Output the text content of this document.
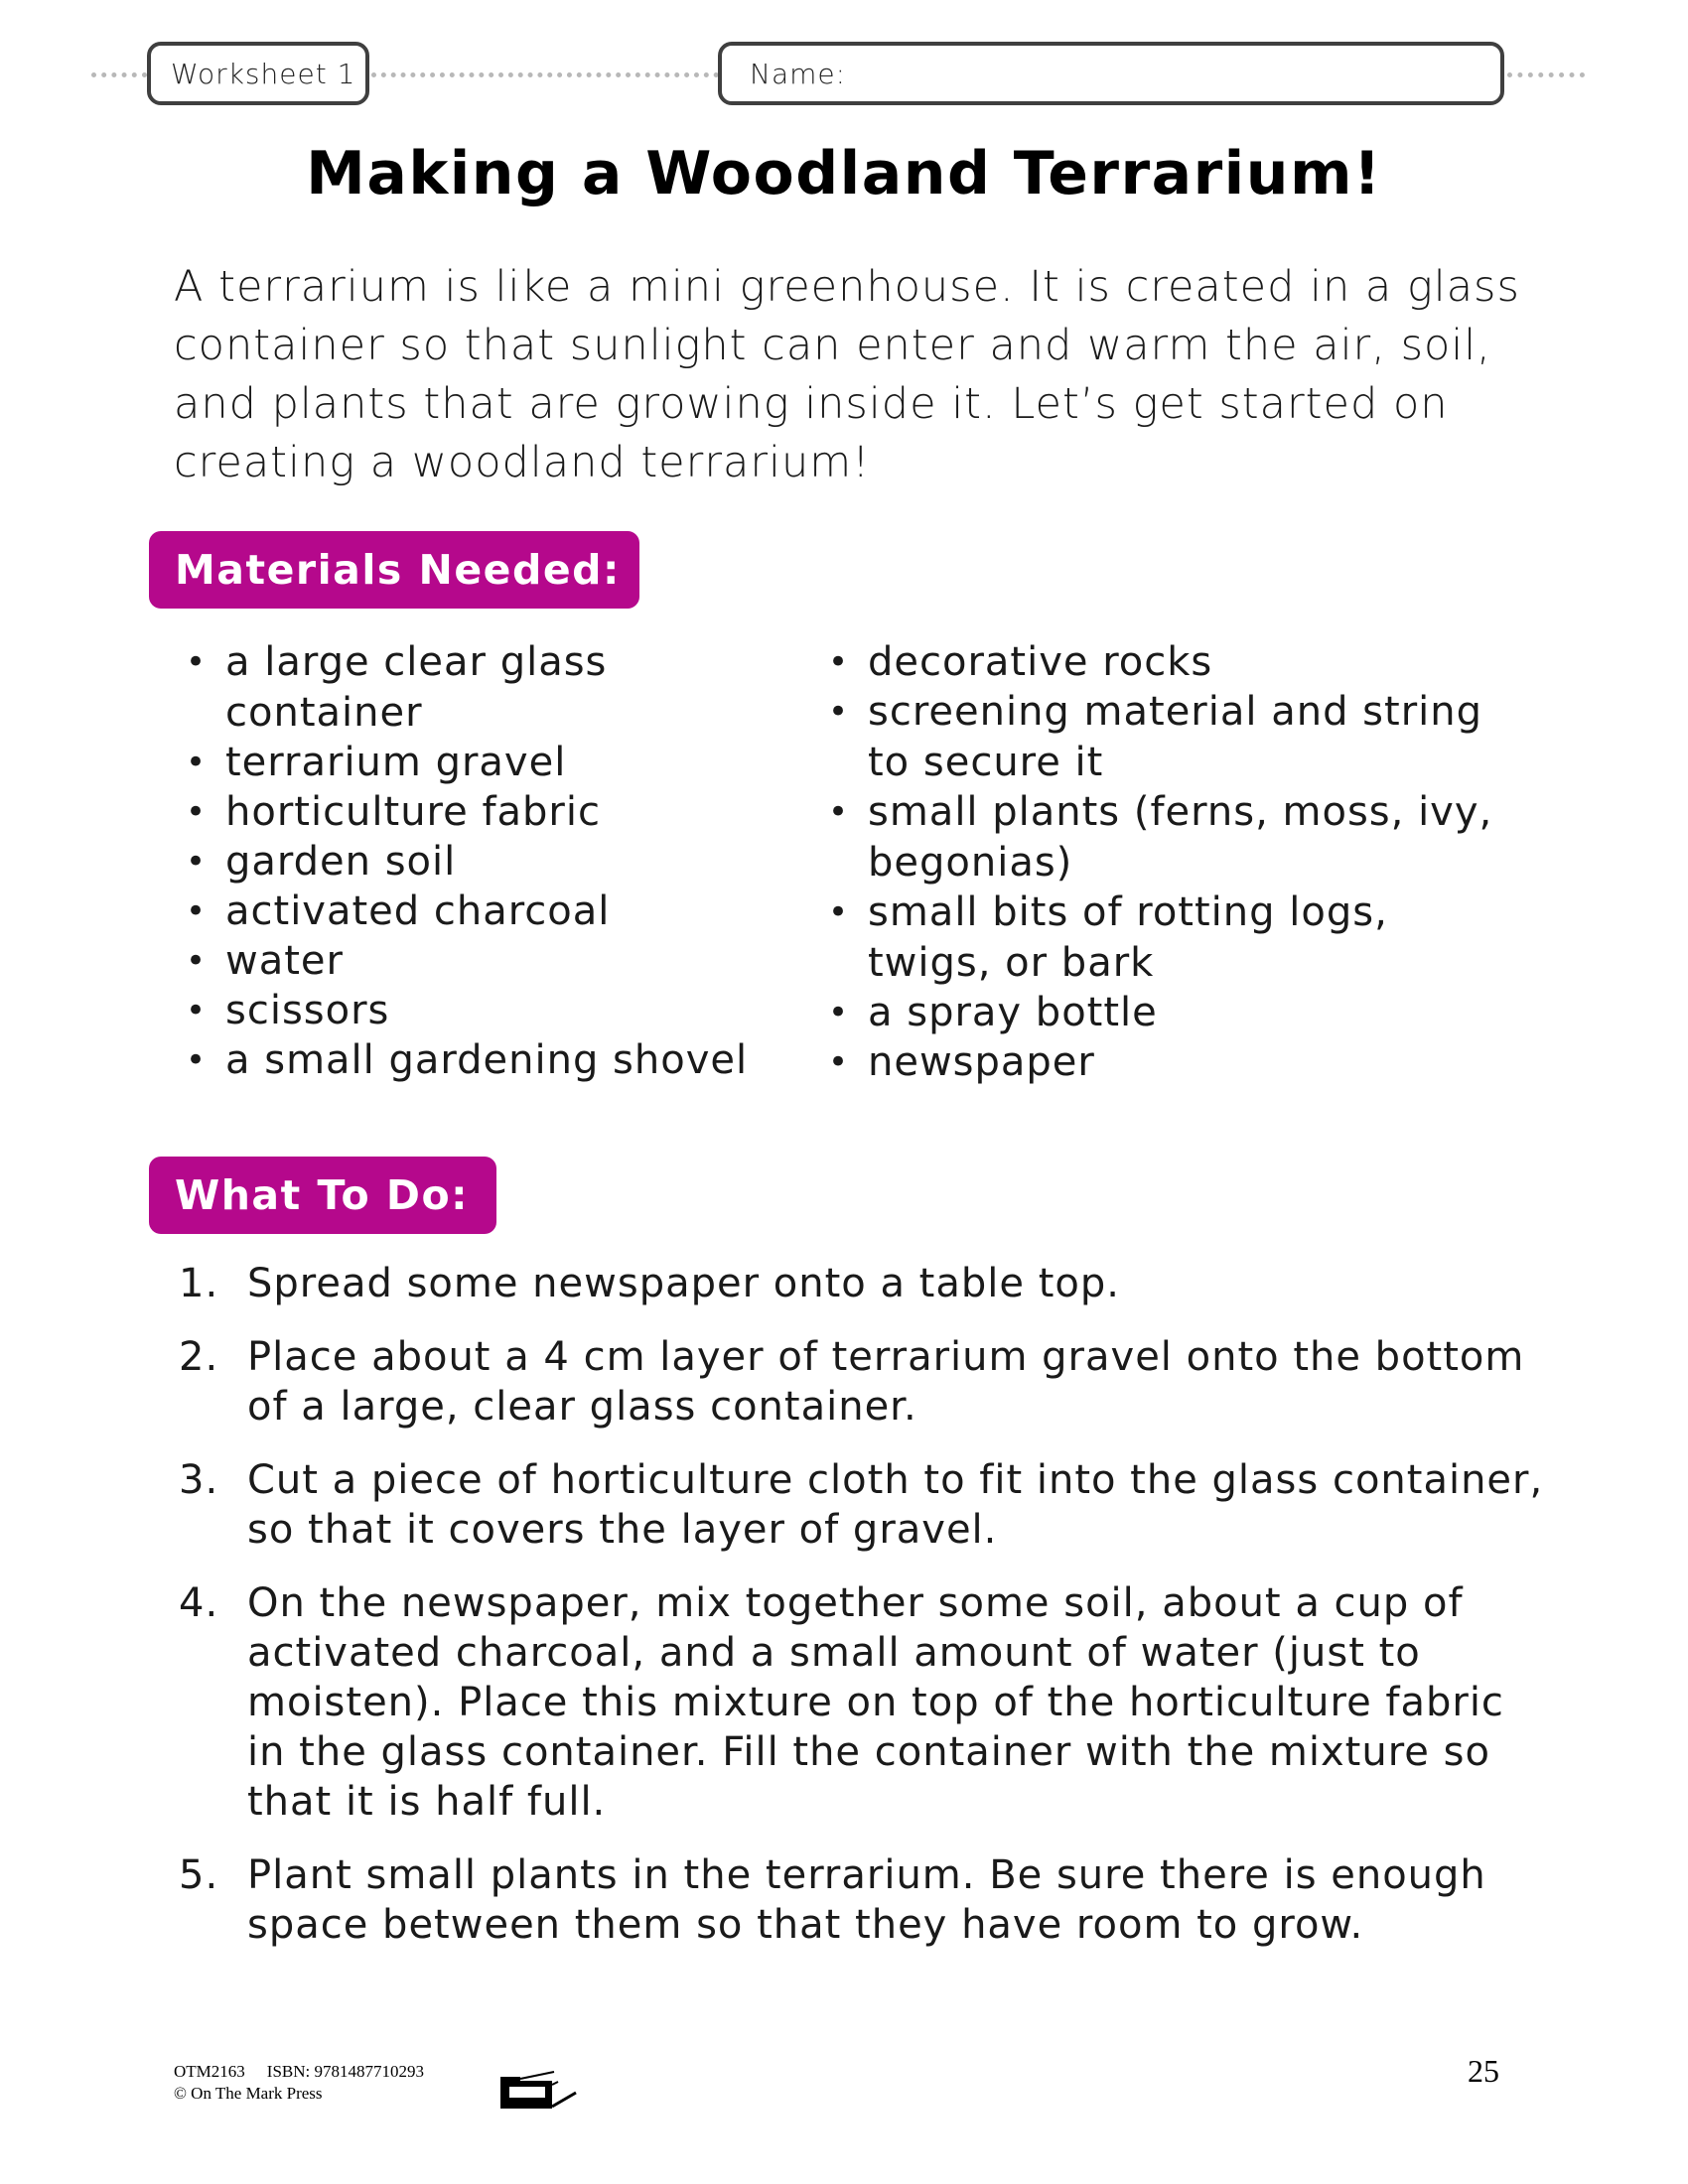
Worksheet 1	Name:
Making a Woodland Terrarium!
A terrarium is like a mini greenhouse. It is created in a glass container so that sunlight can enter and warm the air, soil, and plants that are growing inside it. Let’s get started on creating a woodland terrarium!
Materials Needed:
• a large clear glass container
• terrarium gravel
• horticulture fabric
• garden soil
• activated charcoal
• water
• scissors
• a small gardening shovel
• decorative rocks
• screening material and string to secure it
• small plants (ferns, moss, ivy, begonias)
• small bits of rotting logs, twigs, or bark
• a spray bottle
• newspaper
What To Do:
1. Spread some newspaper onto a table top.
2. Place about a 4 cm layer of terrarium gravel onto the bottom of a large, clear glass container.
3. Cut a piece of horticulture cloth to fit into the glass container, so that it covers the layer of gravel.
4. On the newspaper, mix together some soil, about a cup of activated charcoal, and a small amount of water (just to moisten). Place this mixture on top of the horticulture fabric in the glass container. Fill the container with the mixture so that it is half full.
5. Plant small plants in the terrarium. Be sure there is enough space between them so that they have room to grow.
OTM2163 ISBN: 9781487710293
© On The Mark Press
25
